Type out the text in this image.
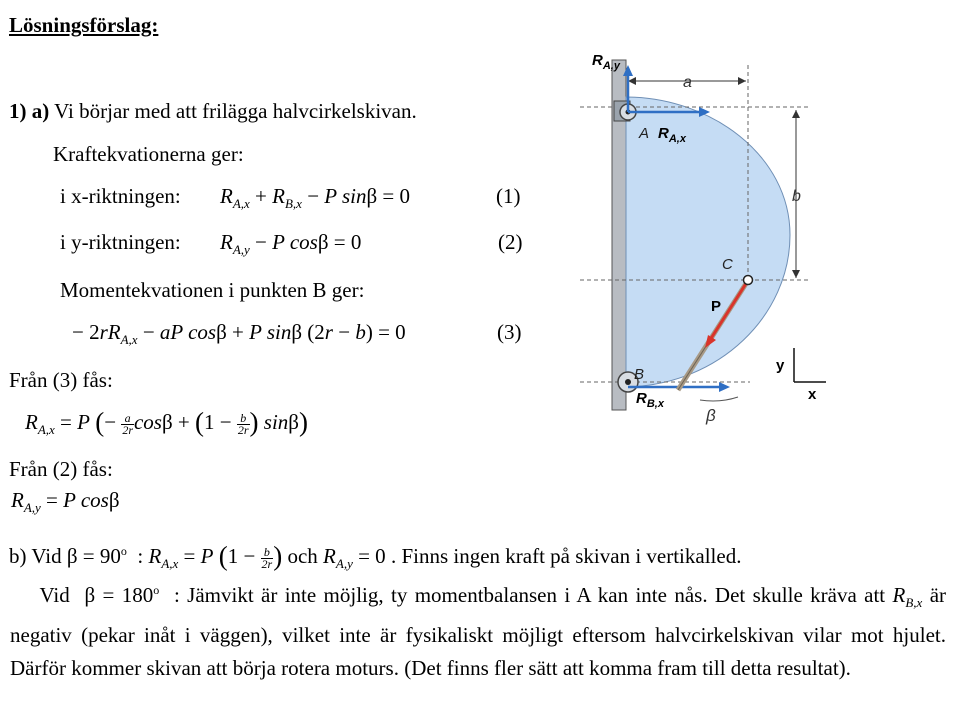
Lösningsförslag:
1) a) Vi börjar med att frilägga halvcirkelskivan.
Kraftekvationerna ger:
i x-riktningen: $R_{A,x} + R_{B,x} - P$ sinβ = 0	(1)
i y-riktningen: $R_{A,y} - P$ cosβ = 0	(2)
Momentekvationen i punkten B ger:
− $2rR_{A,x}$ − aP cosβ + P sinβ (2r − b) = 0	(3)
Från (3) fås:
$R_{A,x} = P$ (− $\frac{a}{2r}$ $\cos\beta + (1 - \frac{b}{2r}$ ) sinβ)
Från (2) fås:
$R_{A,y} = P$ cosβ
b) Vid $\beta = 90^o$  : $R_{A,x} = P$ ($1 - \frac{b}{2r}$ ) och $R_{A,y} = 0$ . Finns ingen kraft på skivan i vertikalled.
Vid $\beta = 180^o$ : Jämvikt är inte möjlig, ty momentbalansen i A kan inte nås. Det skulle kräva att $R_{B,x}$ är negativ (pekar inåt i väggen), vilket inte är fysikaliskt möjligt eftersom halvcirkelskivan vilar mot hjulet. Därför kommer skivan att börja rotera moturs. (Det finns fler sätt att komma fram till detta resultat).
a
b
$R_{A,y}$
A $R_{A,x}$
C
P
B
$R_{B,x}$
β
y
x
